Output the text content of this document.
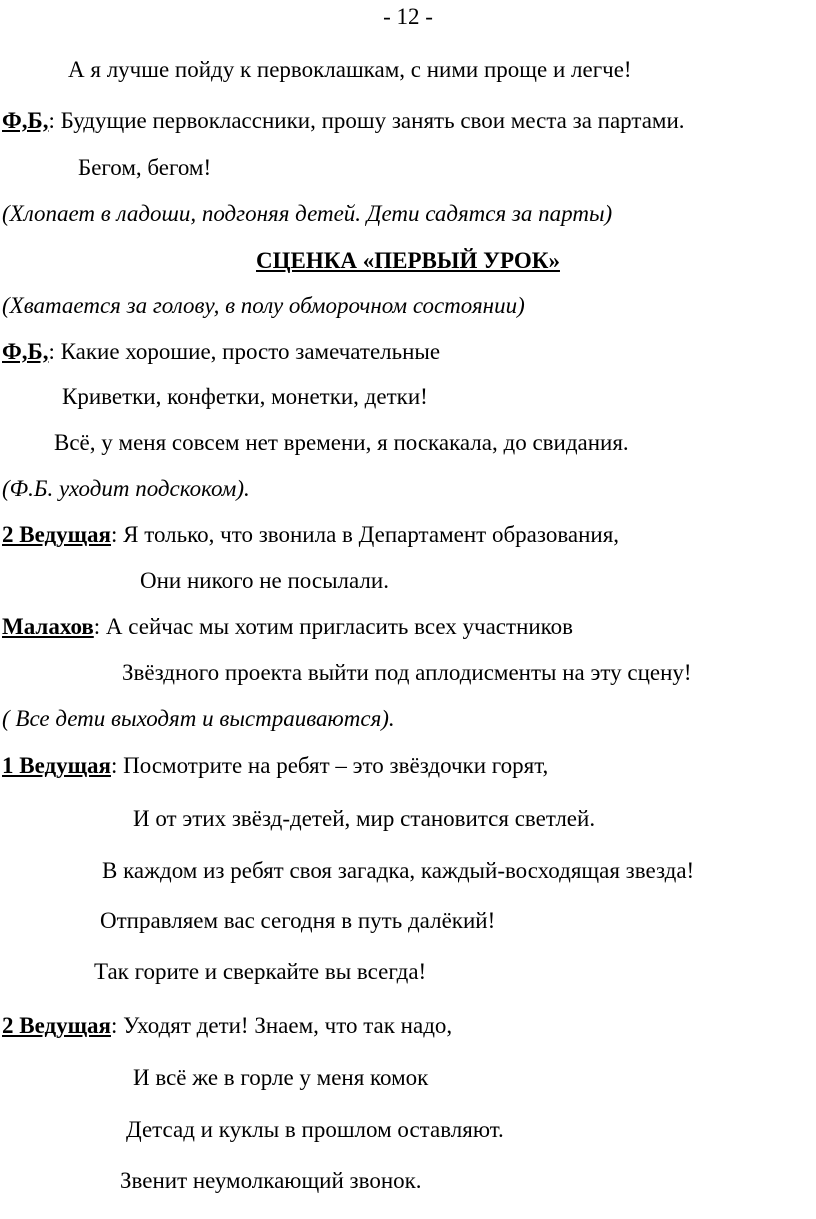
- 12 -
А я лучше пойду к первоклашкам, с ними проще и легче!
Ф,Б,: Будущие первоклассники, прошу занять свои места за партами.
Бегом, бегом!
(Хлопает в ладоши, подгоняя детей. Дети садятся за парты)
СЦЕНКА «ПЕРВЫЙ УРОК»
(Хватается за голову, в полу обморочном состоянии)
Ф,Б,: Какие хорошие, просто замечательные
Криветки, конфетки, монетки, детки!
Всё, у меня совсем нет времени, я поскакала, до свидания.
(Ф.Б. уходит подскоком).
2 Ведущая: Я только, что звонила в Департамент образования,
Они никого не посылали.
Малахов: А сейчас мы хотим пригласить всех участников
Звёздного проекта выйти под аплодисменты на эту сцену!
( Все дети выходят и выстраиваются).
1 Ведущая: Посмотрите на ребят – это звёздочки горят,
И от этих звёзд-детей, мир становится светлей.
В каждом из ребят своя загадка, каждый-восходящая звезда!
Отправляем вас сегодня в путь далёкий!
Так горите и сверкайте вы всегда!
2 Ведущая: Уходят дети! Знаем, что так надо,
И всё же в горле у меня комок
Детсад и куклы в прошлом оставляют.
Звенит неумолкающий звонок.
